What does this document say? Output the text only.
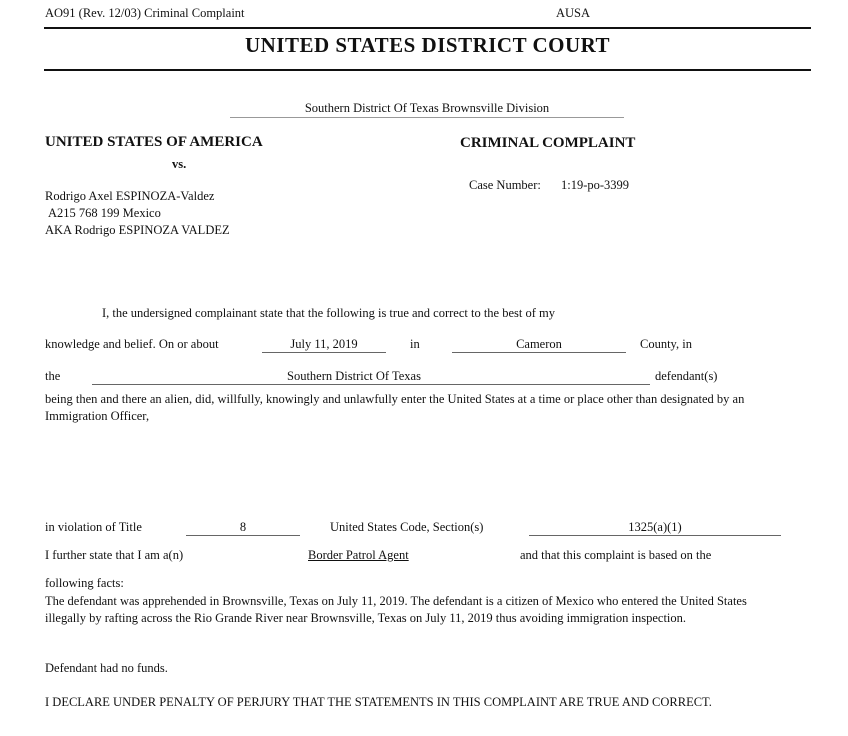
AO91 (Rev. 12/03) Criminal Complaint	AUSA
UNITED STATES DISTRICT COURT
Southern District Of Texas Brownsville Division
UNITED STATES OF AMERICA
vs.
CRIMINAL COMPLAINT
Case Number: 1:19-po-3399
Rodrigo Axel ESPINOZA-Valdez
A215 768 199 Mexico
AKA Rodrigo ESPINOZA VALDEZ
I, the undersigned complainant state that the following is true and correct to the best of my
knowledge and belief. On or about	July 11, 2019	in	Cameron	County, in
the	Southern District Of Texas
	defendant(s)
being then and there an alien, did, willfully, knowingly and unlawfully enter the United States at a time or place other than designated by an Immigration Officer,
in violation of Title	8	United States Code, Section(s)	1325(a)(1)
I further state that I am a(n)	Border Patrol Agent	and that this complaint is based on the
following facts:
The defendant was apprehended in Brownsville, Texas on July 11, 2019. The defendant is a citizen of Mexico who entered the United States illegally by rafting across the Rio Grande River near Brownsville, Texas on July 11, 2019 thus avoiding immigration inspection.
Defendant had no funds.
I DECLARE UNDER PENALTY OF PERJURY THAT THE STATEMENTS IN THIS COMPLAINT ARE TRUE AND CORRECT.
